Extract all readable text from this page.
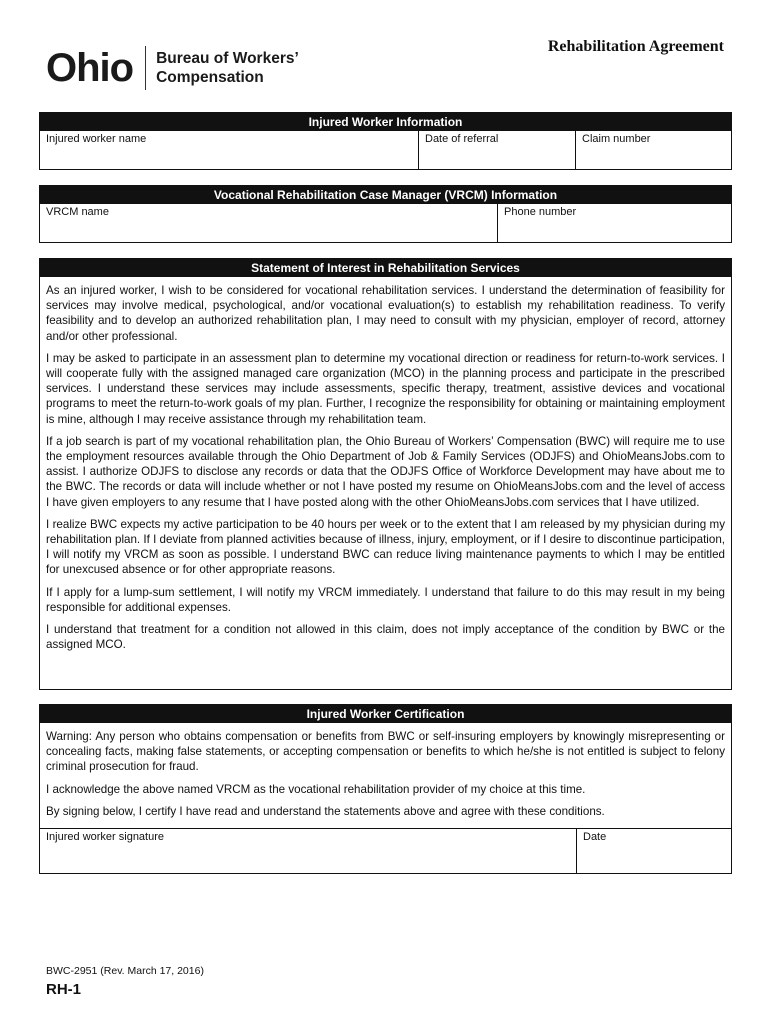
Ohio Bureau of Workers’
Compensation
Rehabilitation Agreement
Injured Worker Information
Injured worker name	Date of referral	Claim number
Vocational Rehabilitation Case Manager (VRCM) Information
VRCM name	Phone number
Statement of Interest in Rehabilitation Services

As an injured worker, I wish to be considered for vocational rehabilitation services. I understand the determination of feasibility for services may involve medical, psychological, and/or vocational evaluation(s) to establish my rehabilitation readiness. To verify feasibility and to develop an authorized rehabilitation plan, I may need to consult with my physician, employer of record, attorney and/or other professional.

I may be asked to participate in an assessment plan to determine my vocational direction or readiness for return-to-work services. I will cooperate fully with the assigned managed care organization (MCO) in the planning process and participate in the prescribed services. I understand these services may include assessments, specific therapy, treatment, assistive devices and vocational programs to meet the return-to-work goals of my plan. Further, I recognize the responsibility for obtaining or maintaining employment is mine, although I may receive assistance through my rehabilitation team.

If a job search is part of my vocational rehabilitation plan, the Ohio Bureau of Workers’ Compensation (BWC) will require me to use the employment resources available through the Ohio Department of Job & Family Services (ODJFS) and OhioMeansJobs.com to assist. I authorize ODJFS to disclose any records or data that the ODJFS Office of Workforce Development may have about me to the BWC. The records or data will include whether or not I have posted my resume on OhioMeansJobs.com and the level of access I have given employers to any resume that I have posted along with the other OhioMeansJobs.com services that I have utilized.

I realize BWC expects my active participation to be 40 hours per week or to the extent that I am released by my physician during my rehabilitation plan. If I deviate from planned activities because of illness, injury, employment, or if I desire to discontinue participation, I will notify my VRCM as soon as possible. I understand BWC can reduce living maintenance payments to which I may be entitled for unexcused absence or for other appropriate reasons.

If I apply for a lump-sum settlement, I will notify my VRCM immediately. I understand that failure to do this may result in my being responsible for additional expenses.

I understand that treatment for a condition not allowed in this claim, does not imply acceptance of the condition by BWC or the assigned MCO.

Injured Worker Certification

Warning: Any person who obtains compensation or benefits from BWC or self-insuring employers by knowingly misrepresenting or concealing facts, making false statements, or accepting compensation or benefits to which he/she is not entitled is subject to felony criminal prosecution for fraud.

I acknowledge the above named VRCM as the vocational rehabilitation provider of my choice at this time.

By signing below, I certify I have read and understand the statements above and agree with these conditions.

Injured worker signature	Date
BWC-2951 (Rev. March 17, 2016)
RH-1
